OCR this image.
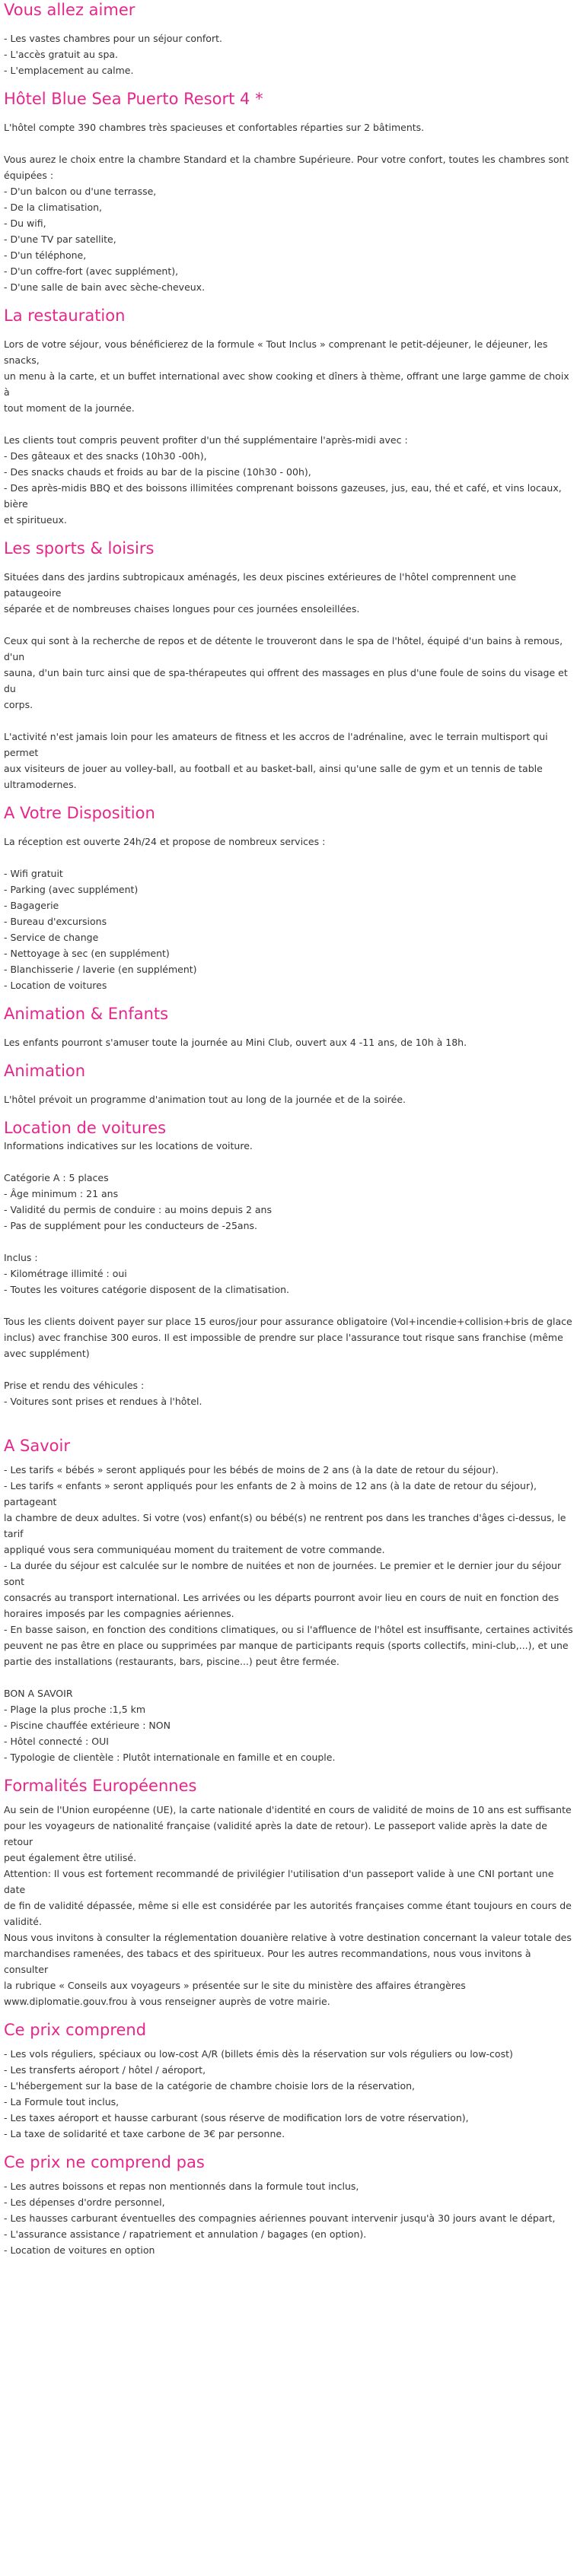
Vous allez aimer
- Les vastes chambres pour un séjour confort.
- L'accès gratuit au spa.
- L'emplacement au calme.
Hôtel Blue Sea Puerto Resort 4 *
L'hôtel compte 390 chambres très spacieuses et confortables réparties sur 2 bâtiments.
Vous aurez le choix entre la chambre Standard et la chambre Supérieure. Pour votre confort, toutes les chambres sont
équipées :
- D'un balcon ou d'une terrasse,
- De la climatisation,
- Du wifi,
- D'une TV par satellite,
- D'un téléphone,
- D'un coffre-fort (avec supplément),
- D'une salle de bain avec sèche-cheveux.
La restauration
Lors de votre séjour, vous bénéficierez de la formule « Tout Inclus » comprenant le petit-déjeuner, le déjeuner, les snacks,
un menu à la carte, et un buffet international avec show cooking et dîners à thème, offrant une large gamme de choix à
tout moment de la journée.
Les clients tout compris peuvent profiter d'un thé supplémentaire l'après-midi avec :
- Des gâteaux et des snacks (10h30 -00h),
- Des snacks chauds et froids au bar de la piscine (10h30 - 00h),
- Des après-midis BBQ et des boissons illimitées comprenant boissons gazeuses, jus, eau, thé et café, et vins locaux, bière
et spiritueux.
Les sports & loisirs
Situées dans des jardins subtropicaux aménagés, les deux piscines extérieures de l'hôtel comprennent une pataugeoire
séparée et de nombreuses chaises longues pour ces journées ensoleillées.
Ceux qui sont à la recherche de repos et de détente le trouveront dans le spa de l'hôtel, équipé d'un bains à remous, d'un
sauna, d'un bain turc ainsi que de spa-thérapeutes qui offrent des massages en plus d'une foule de soins du visage et du
corps.
L'activité n'est jamais loin pour les amateurs de fitness et les accros de l'adrénaline, avec le terrain multisport qui permet
aux visiteurs de jouer au volley-ball, au football et au basket-ball, ainsi qu'une salle de gym et un tennis de table
ultramodernes.
A Votre Disposition
La réception est ouverte 24h/24 et propose de nombreux services :
- Wifi gratuit
- Parking (avec supplément)
- Bagagerie
- Bureau d'excursions
- Service de change
- Nettoyage à sec (en supplément)
- Blanchisserie / laverie (en supplément)
- Location de voitures
Animation & Enfants
Les enfants pourront s'amuser toute la journée au Mini Club, ouvert aux 4 -11 ans, de 10h à 18h.
Animation
L'hôtel prévoit un programme d'animation tout au long de la journée et de la soirée.
Location de voitures
Informations indicatives sur les locations de voiture.
Catégorie A : 5 places
- Âge minimum : 21 ans
- Validité du permis de conduire : au moins depuis 2 ans
- Pas de supplément pour les conducteurs de -25ans.
Inclus :
- Kilométrage illimité : oui
- Toutes les voitures catégorie disposent de la climatisation.
Tous les clients doivent payer sur place 15 euros/jour pour assurance obligatoire (Vol+incendie+collision+bris de glace
inclus) avec franchise 300 euros. Il est impossible de prendre sur place l'assurance tout risque sans franchise (même
avec supplément)
Prise et rendu des véhicules :
- Voitures sont prises et rendues à l'hôtel.
A Savoir
- Les tarifs « bébés » seront appliqués pour les bébés de moins de 2 ans (à la date de retour du séjour).
- Les tarifs « enfants » seront appliqués pour les enfants de 2 à moins de 12 ans (à la date de retour du séjour), partageant
la chambre de deux adultes. Si votre (vos) enfant(s) ou bébé(s) ne rentrent pos dans les tranches d'âges ci-dessus, le tarif
appliqué vous sera communiquéau moment du traitement de votre commande.
- La durée du séjour est calculée sur le nombre de nuitées et non de journées. Le premier et le dernier jour du séjour sont
consacrés au transport international. Les arrivées ou les départs pourront avoir lieu en cours de nuit en fonction des
horaires imposés par les compagnies aériennes.
- En basse saison, en fonction des conditions climatiques, ou si l'affluence de l'hôtel est insuffisante, certaines activités
peuvent ne pas être en place ou supprimées par manque de participants requis (sports collectifs, mini-club,...), et une
partie des installations (restaurants, bars, piscine...) peut être fermée.
BON A SAVOIR
- Plage la plus proche :1,5 km
- Piscine chauffée extérieure : NON
- Hôtel connecté : OUI
- Typologie de clientèle : Plutôt internationale en famille et en couple.
Formalités Européennes
Au sein de l'Union européenne (UE), la carte nationale d'identité en cours de validité de moins de 10 ans est suffisante
pour les voyageurs de nationalité française (validité après la date de retour). Le passeport valide après la date de retour
peut également être utilisé.
Attention: Il vous est fortement recommandé de privilégier l'utilisation d'un passeport valide à une CNI portant une date
de fin de validité dépassée, même si elle est considérée par les autorités françaises comme étant toujours en cours de
validité.
Nous vous invitons à consulter la réglementation douanière relative à votre destination concernant la valeur totale des
marchandises ramenées, des tabacs et des spiritueux. Pour les autres recommandations, nous vous invitons à consulter
la rubrique « Conseils aux voyageurs » présentée sur le site du ministère des affaires étrangères
www.diplomatie.gouv.frou à vous renseigner auprès de votre mairie.
Ce prix comprend
- Les vols réguliers, spéciaux ou low-cost A/R (billets émis dès la réservation sur vols réguliers ou low-cost)
- Les transferts aéroport / hôtel / aéroport,
- L'hébergement sur la base de la catégorie de chambre choisie lors de la réservation,
- La Formule tout inclus,
- Les taxes aéroport et hausse carburant (sous réserve de modification lors de votre réservation),
- La taxe de solidarité et taxe carbone de 3€ par personne.
Ce prix ne comprend pas
- Les autres boissons et repas non mentionnés dans la formule tout inclus,
- Les dépenses d'ordre personnel,
- Les hausses carburant éventuelles des compagnies aériennes pouvant intervenir jusqu'à 30 jours avant le départ,
- L'assurance assistance / rapatriement et annulation / bagages (en option).
- Location de voitures en option
